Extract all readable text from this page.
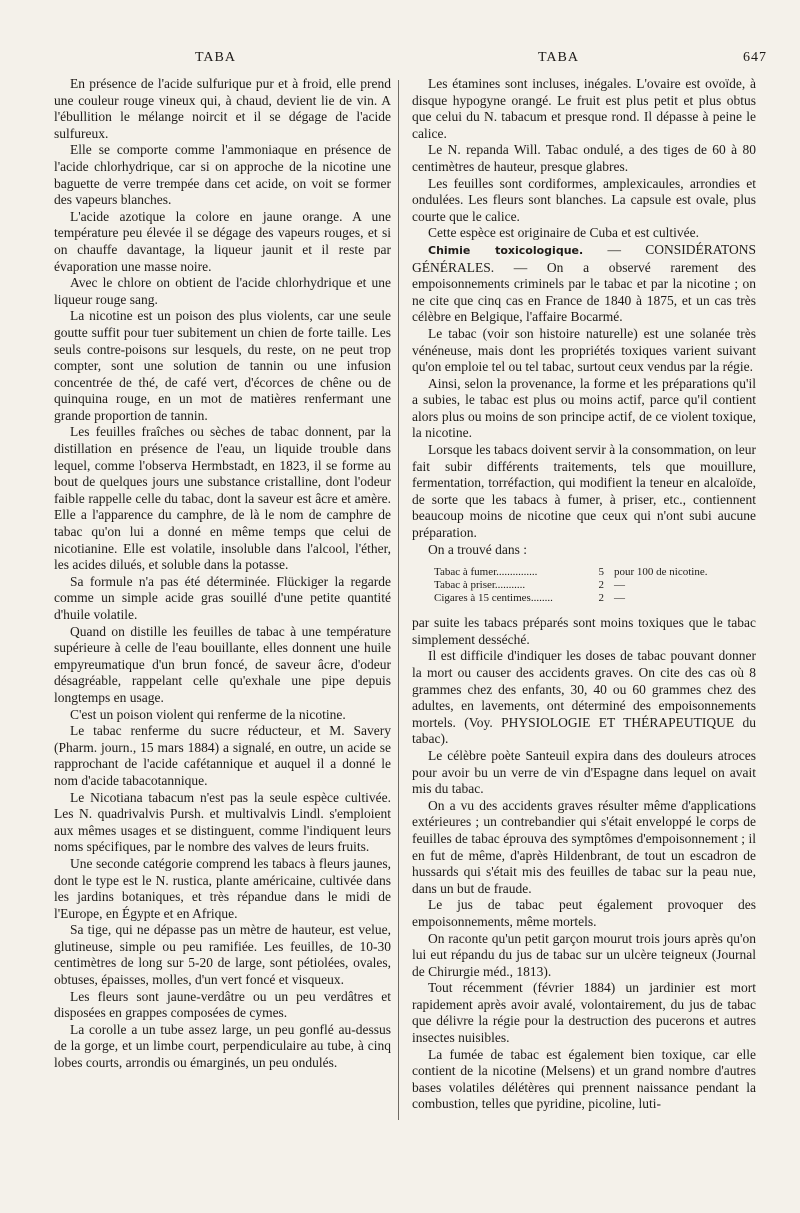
TABA	TABA	647

En présence de l'acide sulfurique pur et à froid, elle prend une couleur rouge vineux qui, à chaud, devient lie de vin. A l'ébullition le mélange noircit et il se dégage de l'acide sulfureux.

Elle se comporte comme l'ammoniaque en présence de l'acide chlorhydrique, car si on approche de la nicotine une baguette de verre trempée dans cet acide, on voit se former des vapeurs blanches.

L'acide azotique la colore en jaune orange. A une température peu élevée il se dégage des vapeurs rouges, et si on chauffe davantage, la liqueur jaunit et il reste par évaporation une masse noire.

Avec le chlore on obtient de l'acide chlorhydrique et une liqueur rouge sang.

La nicotine est un poison des plus violents, car une seule goutte suffit pour tuer subitement un chien de forte taille. Les seuls contre-poisons sur lesquels, du reste, on ne peut trop compter, sont une solution de tannin ou une infusion concentrée de thé, de café vert, d'écorces de chêne ou de quinquina rouge, en un mot de matières renfermant une grande proportion de tannin.

Les feuilles fraîches ou sèches de tabac donnent, par la distillation en présence de l'eau, un liquide trouble dans lequel, comme l'observa Hermbstadt, en 1823, il se forme au bout de quelques jours une substance cristalline, dont l'odeur faible rappelle celle du tabac, dont la saveur est âcre et amère. Elle a l'apparence du camphre, de là le nom de camphre de tabac qu'on lui a donné en même temps que celui de nicotianine. Elle est volatile, insoluble dans l'alcool, l'éther, les acides dilués, et soluble dans la potasse.

Sa formule n'a pas été déterminée. Flückiger la regarde comme un simple acide gras souillé d'une petite quantité d'huile volatile.

Quand on distille les feuilles de tabac à une température supérieure à celle de l'eau bouillante, elles donnent une huile empyreumatique d'un brun foncé, de saveur âcre, d'odeur désagréable, rappelant celle qu'exhale une pipe depuis longtemps en usage.

C'est un poison violent qui renferme de la nicotine.

Le tabac renferme du sucre réducteur, et M. Savery (Pharm. journ., 15 mars 1884) a signalé, en outre, un acide se rapprochant de l'acide cafétannique et auquel il a donné le nom d'acide tabacotannique.

Le Nicotiana tabacum n'est pas la seule espèce cultivée. Les N. quadrivalvis Pursh. et multivalvis Lindl. s'emploient aux mêmes usages et se distinguent, comme l'indiquent leurs noms spécifiques, par le nombre des valves de leurs fruits.

Une seconde catégorie comprend les tabacs à fleurs jaunes, dont le type est le N. rustica, plante américaine, cultivée dans les jardins botaniques, et très répandue dans le midi de l'Europe, en Égypte et en Afrique.

Sa tige, qui ne dépasse pas un mètre de hauteur, est velue, glutineuse, simple ou peu ramifiée. Les feuilles, de 10-30 centimètres de long sur 5-20 de large, sont pétiolées, ovales, obtuses, épaisses, molles, d'un vert foncé et visqueux.

Les fleurs sont jaune-verdâtre ou un peu verdâtres et disposées en grappes composées de cymes.

La corolle a un tube assez large, un peu gonflé au-dessus de la gorge, et un limbe court, perpendiculaire au tube, à cinq lobes courts, arrondis ou émarginés, un peu ondulés.

Les étamines sont incluses, inégales. L'ovaire est ovoïde, à disque hypogyne orangé. Le fruit est plus petit et plus obtus que celui du N. tabacum et presque rond. Il dépasse à peine le calice.

Le N. repanda Will. Tabac ondulé, a des tiges de 60 à 80 centimètres de hauteur, presque glabres.

Les feuilles sont cordiformes, amplexicaules, arrondies et ondulées. Les fleurs sont blanches. La capsule est ovale, plus courte que le calice.

Cette espèce est originaire de Cuba et est cultivée.

Chimie toxicologique. — CONSIDÉRATONS GÉNÉRALES. — On a observé rarement des empoisonnements criminels par le tabac et par la nicotine ; on ne cite que cinq cas en France de 1840 à 1875, et un cas très célèbre en Belgique, l'affaire Bocarmé.

Le tabac (voir son histoire naturelle) est une solanée très vénéneuse, mais dont les propriétés toxiques varient suivant qu'on emploie tel ou tel tabac, surtout ceux vendus par la régie.

Ainsi, selon la provenance, la forme et les préparations qu'il a subies, le tabac est plus ou moins actif, parce qu'il contient alors plus ou moins de son principe actif, de ce violent toxique, la nicotine.

Lorsque les tabacs doivent servir à la consommation, on leur fait subir différents traitements, tels que mouillure, fermentation, torréfaction, qui modifient la teneur en alcaloïde, de sorte que les tabacs à fumer, à priser, etc., contiennent beaucoup moins de nicotine que ceux qui n'ont subi aucune préparation.

On a trouvé dans :

Tabac à fumer...............	5	pour 100 de nicotine.
Tabac à priser...........	2	—
Cigares à 15 centimes........	2	—

par suite les tabacs préparés sont moins toxiques que le tabac simplement desséché.

Il est difficile d'indiquer les doses de tabac pouvant donner la mort ou causer des accidents graves. On cite des cas où 8 grammes chez des enfants, 30, 40 ou 60 grammes chez des adultes, en lavements, ont déterminé des empoisonnements mortels. (Voy. PHYSIOLOGIE ET THÉRAPEUTIQUE du tabac).

Le célèbre poète Santeuil expira dans des douleurs atroces pour avoir bu un verre de vin d'Espagne dans lequel on avait mis du tabac.

On a vu des accidents graves résulter même d'applications extérieures ; un contrebandier qui s'était enveloppé le corps de feuilles de tabac éprouva des symptômes d'empoisonnement ; il en fut de même, d'après Hildenbrant, de tout un escadron de hussards qui s'était mis des feuilles de tabac sur la peau nue, dans un but de fraude.

Le jus de tabac peut également provoquer des empoisonnements, même mortels.

On raconte qu'un petit garçon mourut trois jours après qu'on lui eut répandu du jus de tabac sur un ulcère teigneux (Journal de Chirurgie méd., 1813).

Tout récemment (février 1884) un jardinier est mort rapidement après avoir avalé, volontairement, du jus de tabac que délivre la régie pour la destruction des pucerons et autres insectes nuisibles.

La fumée de tabac est également bien toxique, car elle contient de la nicotine (Melsens) et un grand nombre d'autres bases volatiles délétères qui prennent naissance pendant la combustion, telles que pyridine, picoline, luti-
